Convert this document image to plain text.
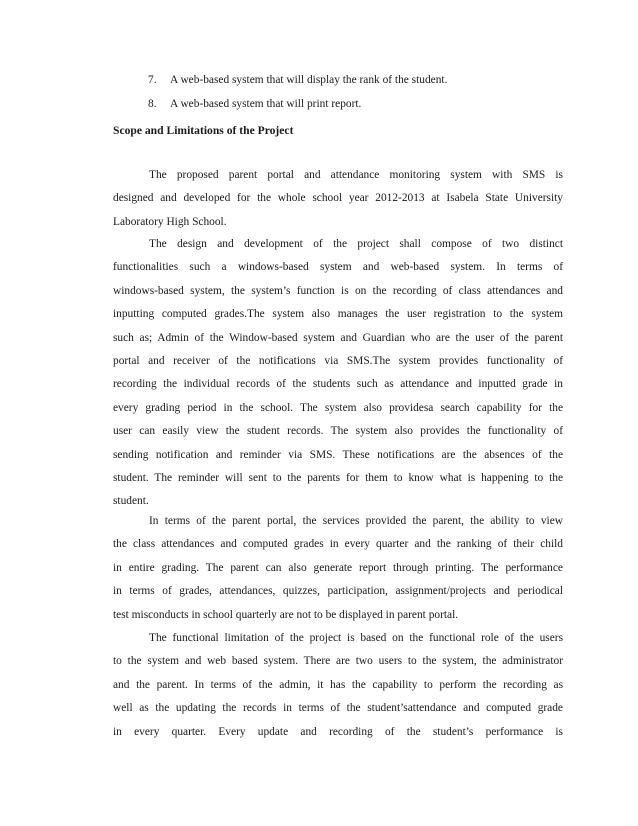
7. A web-based system that will display the rank of the student.
8. A web-based system that will print report.
Scope and Limitations of the Project
The proposed parent portal and attendance monitoring system with SMS is
designed and developed for the whole school year 2012-2013 at Isabela State University
Laboratory High School.
The design and development of the project shall compose of two distinct
functionalities such a windows-based system and web-based system. In terms of
windows-based system, the system’s function is on the recording of class attendances and
inputting computed grades.The system also manages the user registration to the system
such as; Admin of the Window-based system and Guardian who are the user of the parent
portal and receiver of the notifications via SMS.The system provides functionality of
recording the individual records of the students such as attendance and inputted grade in
every grading period in the school. The system also providesa search capability for the
user can easily view the student records. The system also provides the functionality of
sending notification and reminder via SMS. These notifications are the absences of the
student. The reminder will sent to the parents for them to know what is happening to the
student.
In terms of the parent portal, the services provided the parent, the ability to view
the class attendances and computed grades in every quarter and the ranking of their child
in entire grading. The parent can also generate report through printing. The performance
in terms of grades, attendances, quizzes, participation, assignment/projects and periodical
test misconducts in school quarterly are not to be displayed in parent portal.
The functional limitation of the project is based on the functional role of the users
to the system and web based system. There are two users to the system, the administrator
and the parent. In terms of the admin, it has the capability to perform the recording as
well as the updating the records in terms of the student’sattendance and computed grade
in every quarter. Every update and recording of the student’s performance is
